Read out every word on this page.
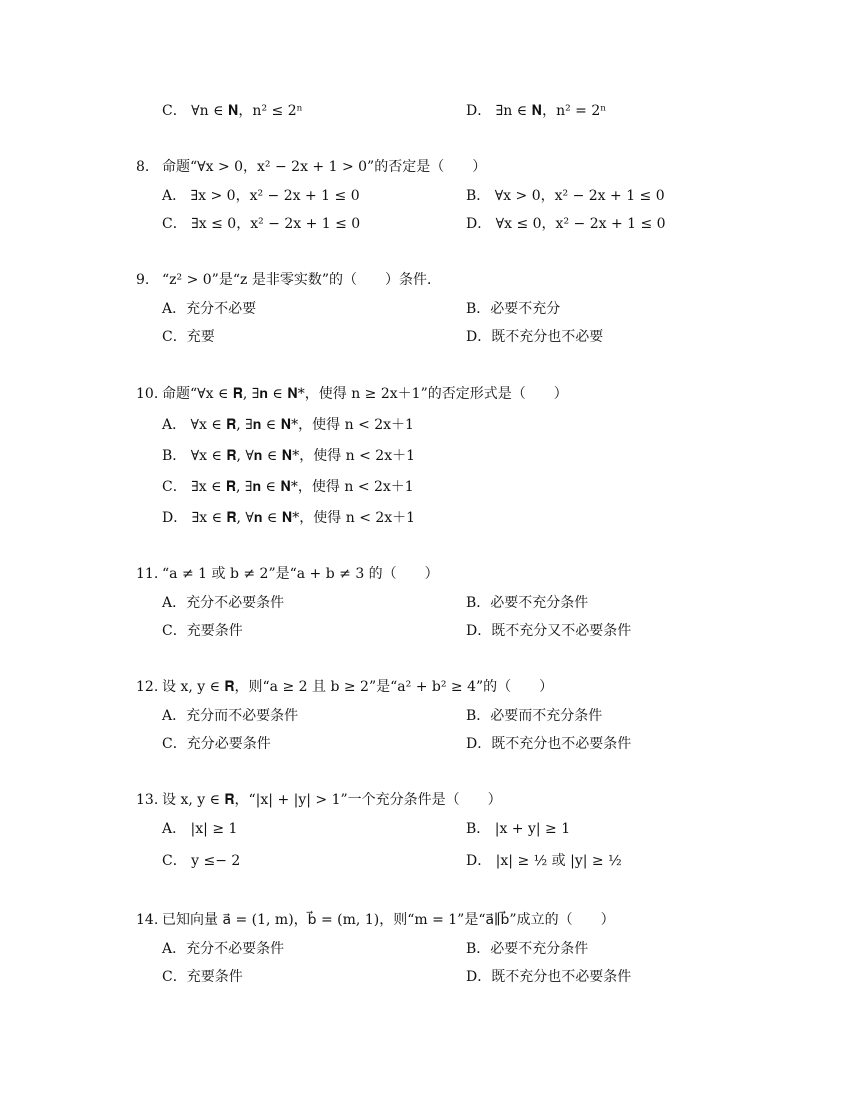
C． ∀n ∈ 𝐍，n² ≤ 2ⁿ	D． ∃n ∈ 𝐍，n² = 2ⁿ
8. 命题“∀x > 0，x² − 2x + 1 > 0”的否定是（　　）
A． ∃x > 0，x² − 2x + 1 ≤ 0	B． ∀x > 0，x² − 2x + 1 ≤ 0
C． ∃x ≤ 0，x² − 2x + 1 ≤ 0	D． ∀x ≤ 0，x² − 2x + 1 ≤ 0
9. “z² > 0”是“z 是非零实数”的（　　）条件．
A．充分不必要	B．必要不充分
C．充要	D．既不充分也不必要
10. 命题“∀x ∈ 𝐑, ∃𝐧 ∈ 𝐍*，使得 n ≥ 2x＋1”的否定形式是（　　）
A． ∀x ∈ 𝐑, ∃𝐧 ∈ 𝐍*，使得 n < 2x＋1
B． ∀x ∈ 𝐑, ∀𝐧 ∈ 𝐍*，使得 n < 2x＋1
C． ∃x ∈ 𝐑, ∃𝐧 ∈ 𝐍*，使得 n < 2x＋1
D． ∃x ∈ 𝐑, ∀𝐧 ∈ 𝐍*，使得 n < 2x＋1
11. “a ≠ 1 或 b ≠ 2”是“a + b ≠ 3 的（　　）
A．充分不必要条件	B．必要不充分条件
C．充要条件	D．既不充分又不必要条件
12. 设 x, y ∈ 𝐑，则“a ≥ 2 且 b ≥ 2”是“a² + b² ≥ 4”的（　　）
A．充分而不必要条件	B．必要而不充分条件
C．充分必要条件	D．既不充分也不必要条件
13. 设 x, y ∈ 𝐑，“|x| + |y| > 1”一个充分条件是（　　）
A． |x| ≥ 1	B． |x + y| ≥ 1
C． y ≤− 2	D． |x| ≥ ½ 或 |y| ≥ ½
14. 已知向量 a⃗ = (1, m)，b⃗ = (m, 1)，则“m = 1”是“a⃗∥b⃗”成立的（　　）
A．充分不必要条件	B．必要不充分条件
C．充要条件	D．既不充分也不必要条件
